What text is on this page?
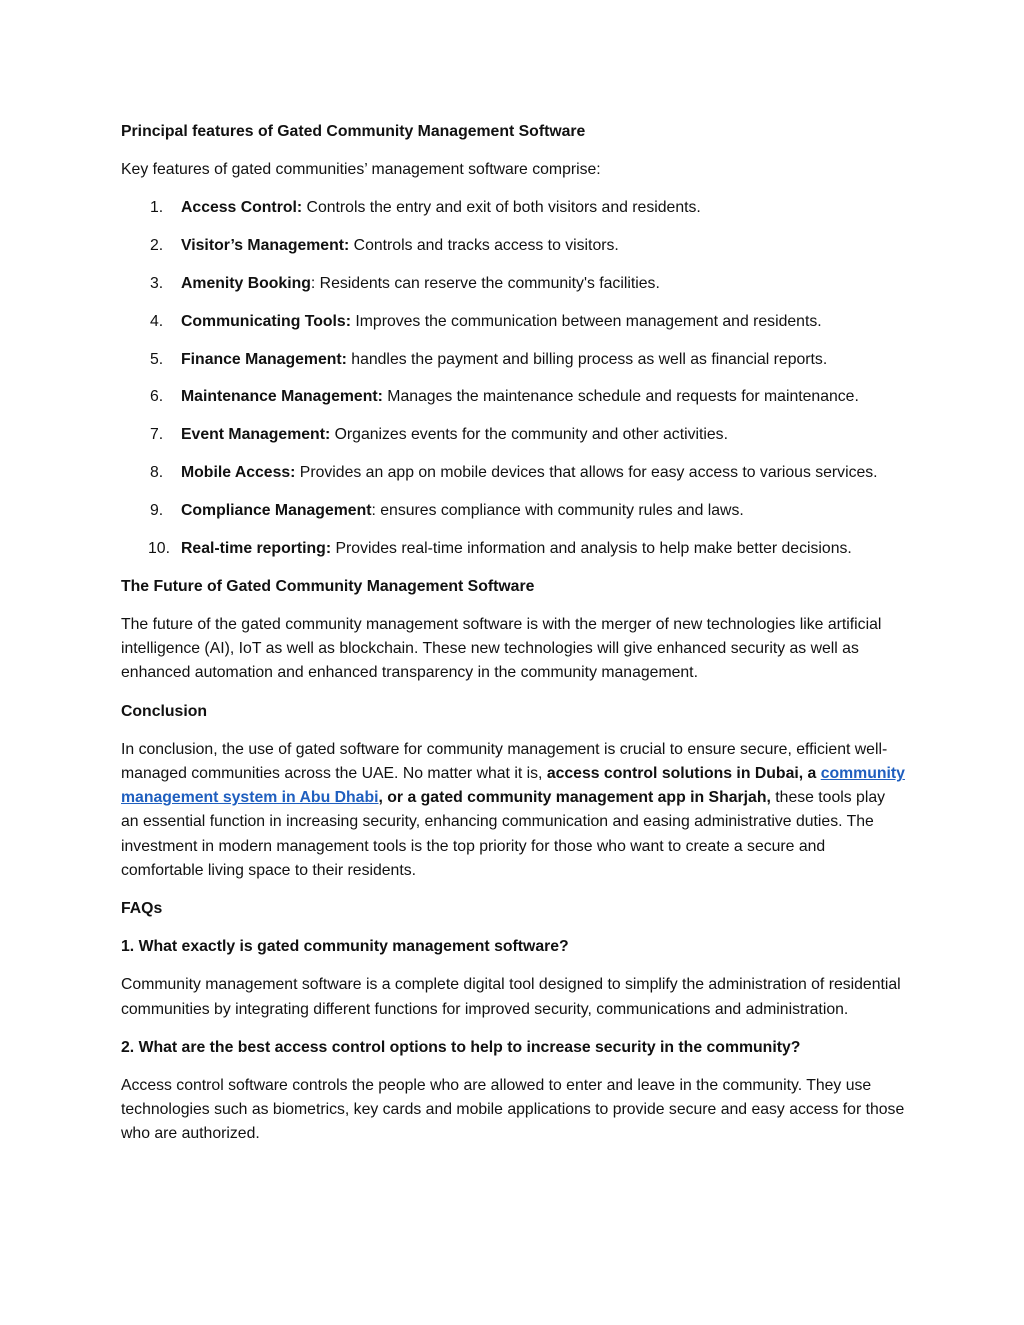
Principal features of Gated Community Management Software
Key features of gated communities’ management software comprise:
1. Access Control: Controls the entry and exit of both visitors and residents.
2. Visitor’s Management: Controls and tracks access to visitors.
3. Amenity Booking: Residents can reserve the community's facilities.
4. Communicating Tools: Improves the communication between management and residents.
5. Finance Management: handles the payment and billing process as well as financial reports.
6. Maintenance Management: Manages the maintenance schedule and requests for maintenance.
7. Event Management: Organizes events for the community and other activities.
8. Mobile Access: Provides an app on mobile devices that allows for easy access to various services.
9. Compliance Management: ensures compliance with community rules and laws.
10. Real-time reporting: Provides real-time information and analysis to help make better decisions.
The Future of Gated Community Management Software
The future of the gated community management software is with the merger of new technologies like artificial intelligence (AI), IoT as well as blockchain. These new technologies will give enhanced security as well as enhanced automation and enhanced transparency in the community management.
Conclusion
In conclusion, the use of gated software for community management is crucial to ensure secure, efficient well-managed communities across the UAE. No matter what it is, access control solutions in Dubai, a community management system in Abu Dhabi, or a gated community management app in Sharjah, these tools play an essential function in increasing security, enhancing communication and easing administrative duties. The investment in modern management tools is the top priority for those who want to create a secure and comfortable living space to their residents.
FAQs
1. What exactly is gated community management software?
Community management software is a complete digital tool designed to simplify the administration of residential communities by integrating different functions for improved security, communications and administration.
2. What are the best access control options to help to increase security in the community?
Access control software controls the people who are allowed to enter and leave in the community. They use technologies such as biometrics, key cards and mobile applications to provide secure and easy access for those who are authorized.
